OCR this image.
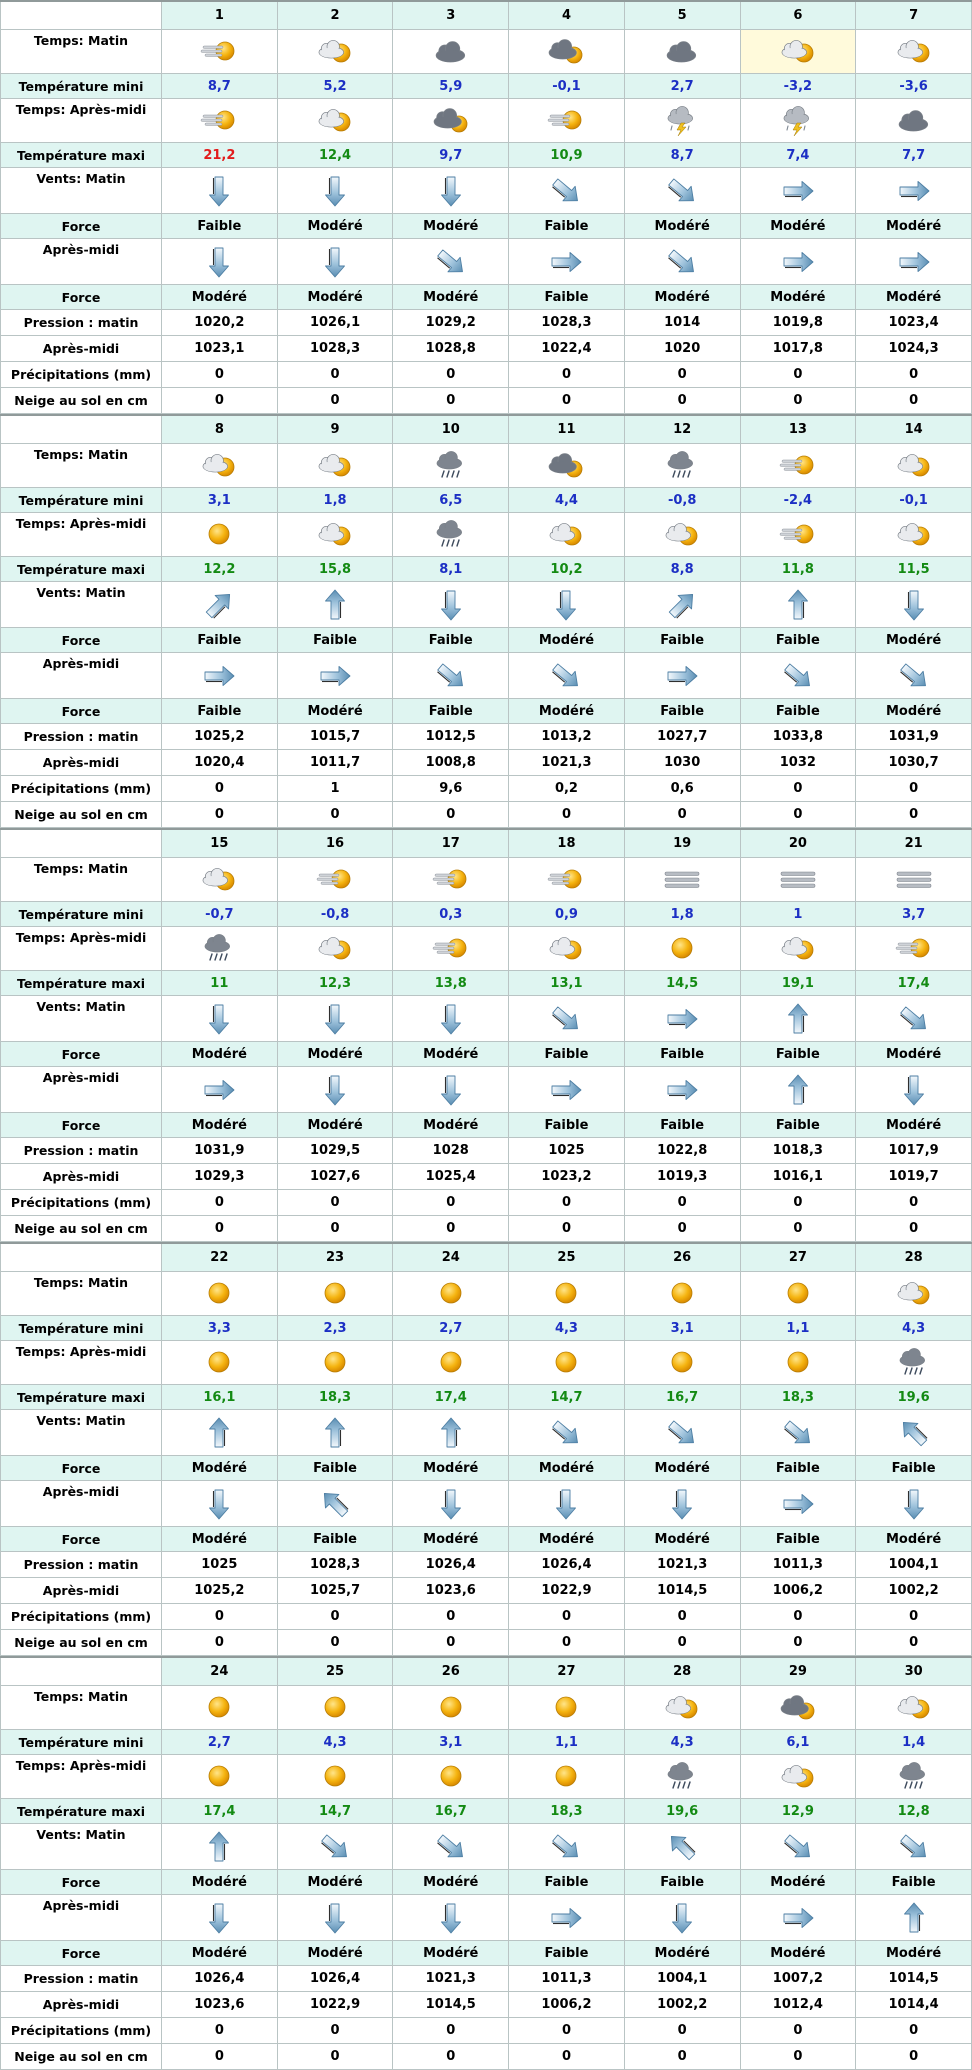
	1	2	3	4	5	6	7
Temps: Matin							
Température mini	8,7	5,2	5,9	-0,1	2,7	-3,2	-3,6
Temps: Après-midi							
Température maxi	21,2	12,4	9,7	10,9	8,7	7,4	7,7
Vents: Matin							
Force	Faible	Modéré	Modéré	Faible	Modéré	Modéré	Modéré
Après-midi							
Force	Modéré	Modéré	Modéré	Faible	Modéré	Modéré	Modéré
Pression : matin	1020,2	1026,1	1029,2	1028,3	1014	1019,8	1023,4
Après-midi	1023,1	1028,3	1028,8	1022,4	1020	1017,8	1024,3
Précipitations (mm)	0	0	0	0	0	0	0
Neige au sol en cm	0	0	0	0	0	0	0
	8	9	10	11	12	13	14
Temps: Matin							
Température mini	3,1	1,8	6,5	4,4	-0,8	-2,4	-0,1
Temps: Après-midi							
Température maxi	12,2	15,8	8,1	10,2	8,8	11,8	11,5
Vents: Matin							
Force	Faible	Faible	Faible	Modéré	Faible	Faible	Modéré
Après-midi							
Force	Faible	Modéré	Faible	Modéré	Faible	Faible	Modéré
Pression : matin	1025,2	1015,7	1012,5	1013,2	1027,7	1033,8	1031,9
Après-midi	1020,4	1011,7	1008,8	1021,3	1030	1032	1030,7
Précipitations (mm)	0	1	9,6	0,2	0,6	0	0
Neige au sol en cm	0	0	0	0	0	0	0
	15	16	17	18	19	20	21
Temps: Matin							
Température mini	-0,7	-0,8	0,3	0,9	1,8	1	3,7
Temps: Après-midi							
Température maxi	11	12,3	13,8	13,1	14,5	19,1	17,4
Vents: Matin							
Force	Modéré	Modéré	Modéré	Faible	Faible	Faible	Modéré
Après-midi							
Force	Modéré	Modéré	Modéré	Faible	Faible	Faible	Modéré
Pression : matin	1031,9	1029,5	1028	1025	1022,8	1018,3	1017,9
Après-midi	1029,3	1027,6	1025,4	1023,2	1019,3	1016,1	1019,7
Précipitations (mm)	0	0	0	0	0	0	0
Neige au sol en cm	0	0	0	0	0	0	0
	22	23	24	25	26	27	28
Temps: Matin							
Température mini	3,3	2,3	2,7	4,3	3,1	1,1	4,3
Temps: Après-midi							
Température maxi	16,1	18,3	17,4	14,7	16,7	18,3	19,6
Vents: Matin							
Force	Modéré	Faible	Modéré	Modéré	Modéré	Faible	Faible
Après-midi							
Force	Modéré	Faible	Modéré	Modéré	Modéré	Faible	Modéré
Pression : matin	1025	1028,3	1026,4	1026,4	1021,3	1011,3	1004,1
Après-midi	1025,2	1025,7	1023,6	1022,9	1014,5	1006,2	1002,2
Précipitations (mm)	0	0	0	0	0	0	0
Neige au sol en cm	0	0	0	0	0	0	0
	24	25	26	27	28	29	30
Temps: Matin							
Température mini	2,7	4,3	3,1	1,1	4,3	6,1	1,4
Temps: Après-midi							
Température maxi	17,4	14,7	16,7	18,3	19,6	12,9	12,8
Vents: Matin							
Force	Modéré	Modéré	Modéré	Faible	Faible	Modéré	Faible
Après-midi							
Force	Modéré	Modéré	Modéré	Faible	Modéré	Modéré	Modéré
Pression : matin	1026,4	1026,4	1021,3	1011,3	1004,1	1007,2	1014,5
Après-midi	1023,6	1022,9	1014,5	1006,2	1002,2	1012,4	1014,4
Précipitations (mm)	0	0	0	0	0	0	0
Neige au sol en cm	0	0	0	0	0	0	0
